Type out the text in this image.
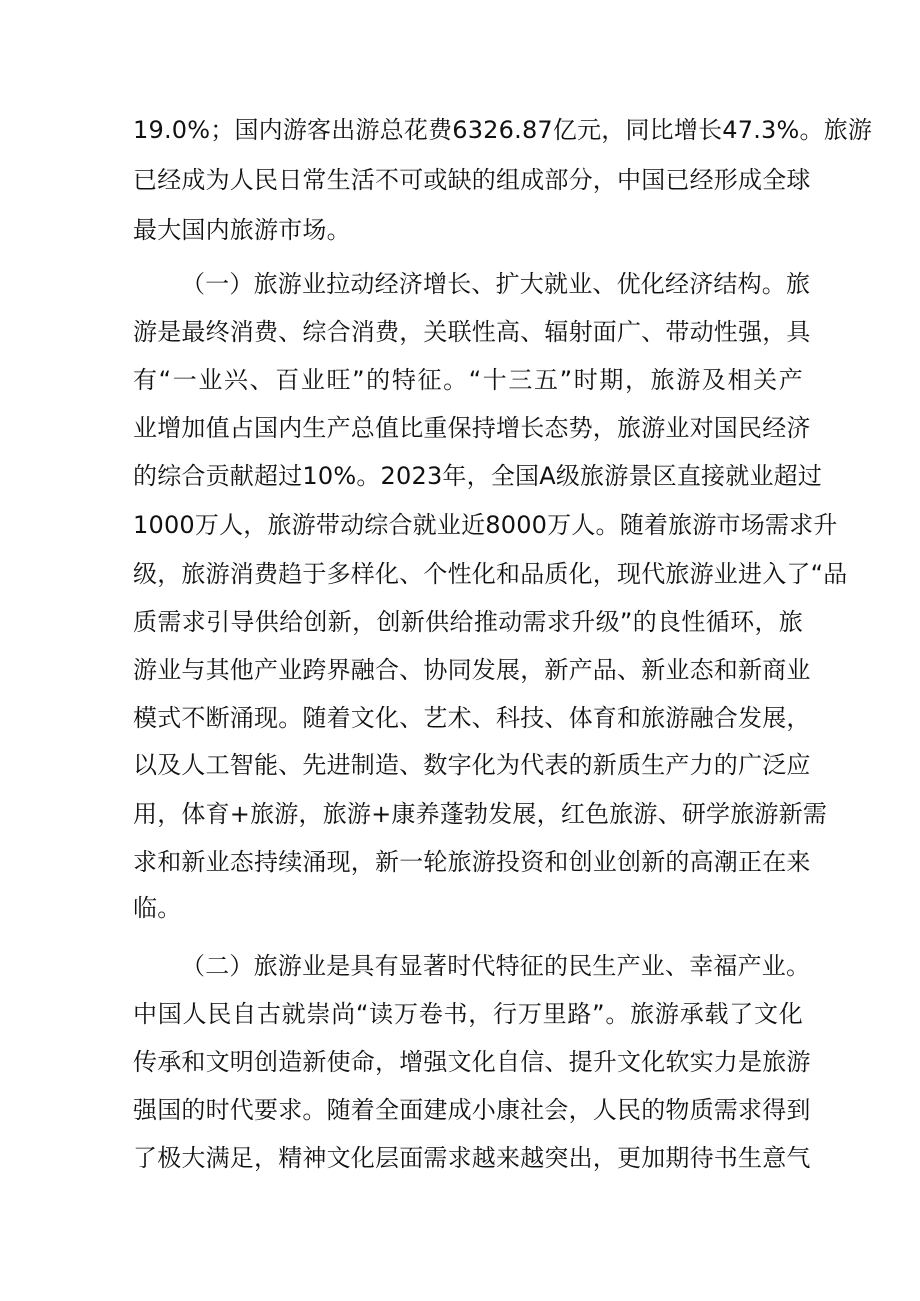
19.0%；国内游客出游总花费6326.87亿元，同比增长47.3%。旅游

已经成为人民日常生活不可或缺的组成部分，中国已经形成全球

最大国内旅游市场。

（一）旅游业拉动经济增长、扩大就业、优化经济结构。旅

游是最终消费、综合消费，关联性高、辐射面广、带动性强，具

有“一业兴、百业旺”的特征。“十三五”时期，旅游及相关产

业增加值占国内生产总值比重保持增长态势，旅游业对国民经济

的综合贡献超过10%。2023年，全国A级旅游景区直接就业超过

1000万人，旅游带动综合就业近8000万人。随着旅游市场需求升

级，旅游消费趋于多样化、个性化和品质化，现代旅游业进入了“品

质需求引导供给创新，创新供给推动需求升级”的良性循环，旅

游业与其他产业跨界融合、协同发展，新产品、新业态和新商业

模式不断涌现。随着文化、艺术、科技、体育和旅游融合发展，

以及人工智能、先进制造、数字化为代表的新质生产力的广泛应

用，体育+旅游，旅游+康养蓬勃发展，红色旅游、研学旅游新需

求和新业态持续涌现，新一轮旅游投资和创业创新的高潮正在来

临。

（二）旅游业是具有显著时代特征的民生产业、幸福产业。

中国人民自古就崇尚“读万卷书，行万里路”。旅游承载了文化

传承和文明创造新使命，增强文化自信、提升文化软实力是旅游

强国的时代要求。随着全面建成小康社会，人民的物质需求得到

了极大满足，精神文化层面需求越来越突出，更加期待书生意气
